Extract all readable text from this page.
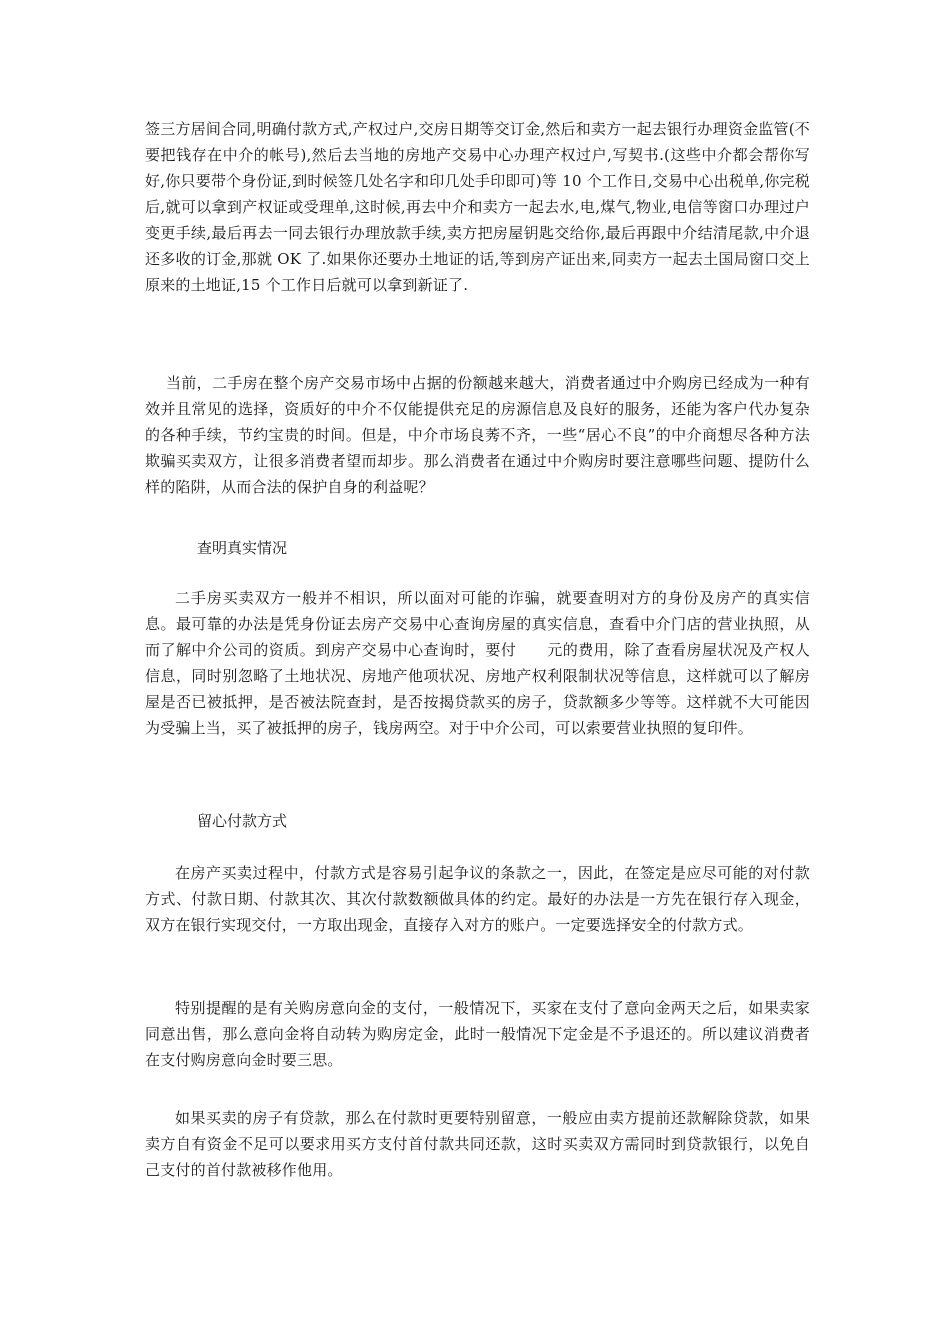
签三方居间合同,明确付款方式,产权过户,交房日期等交订金,然后和卖方一起去银行办理资金监管(不要把钱存在中介的帐号),然后去当地的房地产交易中心办理产权过户,写契书.(这些中介都会帮你写好,你只要带个身份证,到时候签几处名字和印几处手印即可)等 10 个工作日,交易中心出税单,你完税后,就可以拿到产权证或受理单,这时候,再去中介和卖方一起去水,电,煤气,物业,电信等窗口办理过户变更手续,最后再去一同去银行办理放款手续,卖方把房屋钥匙交给你,最后再跟中介结清尾款,中介退还多收的订金,那就 OK 了.如果你还要办土地证的话,等到房产证出来,同卖方一起去土国局窗口交上原来的土地证,15 个工作日后就可以拿到新证了.

当前，二手房在整个房产交易市场中占据的份额越来越大，消费者通过中介购房已经成为一种有效并且常见的选择，资质好的中介不仅能提供充足的房源信息及良好的服务，还能为客户代办复杂的各种手续，节约宝贵的时间。但是，中介市场良莠不齐，一些“居心不良”的中介商想尽各种方法欺骗买卖双方，让很多消费者望而却步。那么消费者在通过中介购房时要注意哪些问题、提防什么样的陷阱，从而合法的保护自身的利益呢？

查明真实情况

二手房买卖双方一般并不相识，所以面对可能的诈骗，就要查明对方的身份及房产的真实信息。最可靠的办法是凭身份证去房产交易中心查询房屋的真实信息，查看中介门店的营业执照，从而了解中介公司的资质。到房产交易中心查询时，要付　　元的费用，除了查看房屋状况及产权人信息，同时别忽略了土地状况、房地产他项状况、房地产权利限制状况等信息，这样就可以了解房屋是否已被抵押，是否被法院查封，是否按揭贷款买的房子，贷款额多少等等。这样就不大可能因为受骗上当，买了被抵押的房子，钱房两空。对于中介公司，可以索要营业执照的复印件。

留心付款方式

在房产买卖过程中，付款方式是容易引起争议的条款之一，因此，在签定是应尽可能的对付款方式、付款日期、付款其次、其次付款数额做具体的约定。最好的办法是一方先在银行存入现金，双方在银行实现交付，一方取出现金，直接存入对方的账户。一定要选择安全的付款方式。

特别提醒的是有关购房意向金的支付，一般情况下，买家在支付了意向金两天之后，如果卖家同意出售，那么意向金将自动转为购房定金，此时一般情况下定金是不予退还的。所以建议消费者在支付购房意向金时要三思。

如果买卖的房子有贷款，那么在付款时更要特别留意，一般应由卖方提前还款解除贷款，如果卖方自有资金不足可以要求用买方支付首付款共同还款，这时买卖双方需同时到贷款银行，以免自己支付的首付款被移作他用。
